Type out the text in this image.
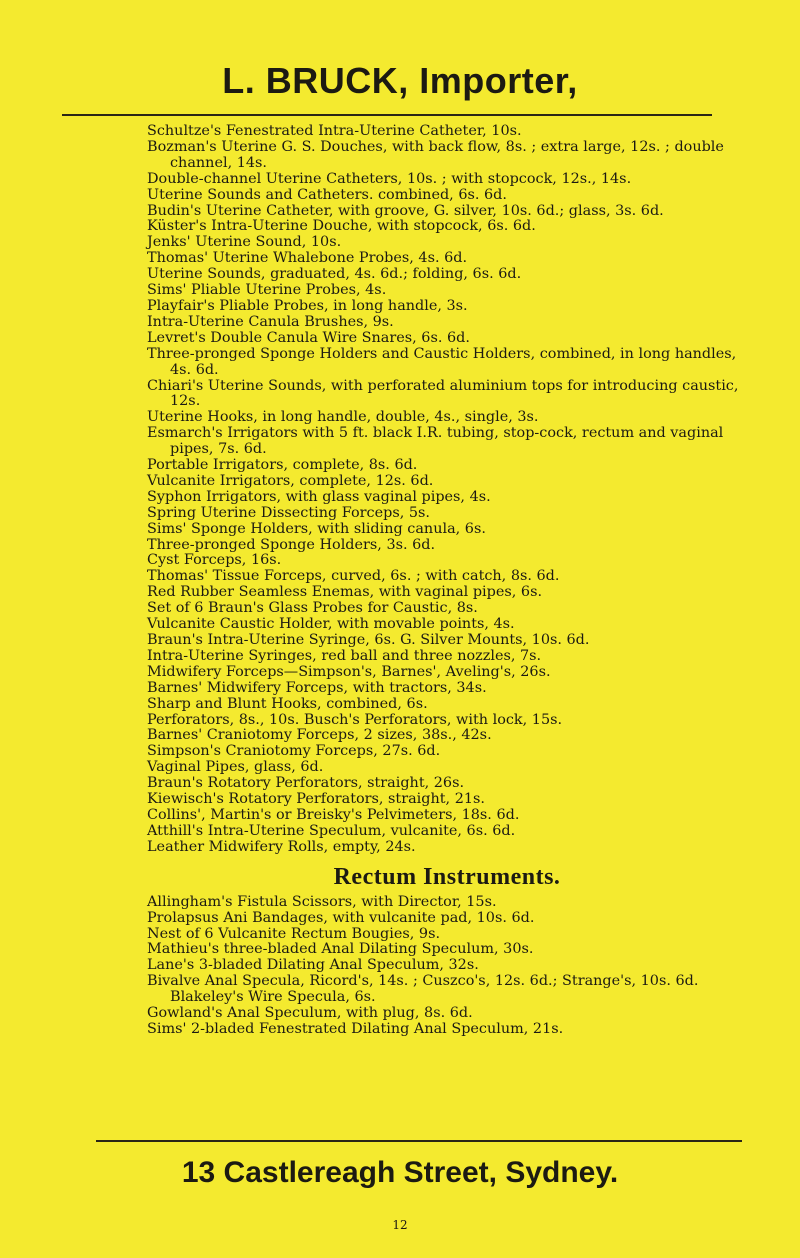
L. BRUCK, Importer,
Schultze's Fenestrated Intra-Uterine Catheter, 10s.
Bozman's Uterine G. S. Douches, with back flow, 8s. ; extra large, 12s. ; double channel, 14s.
Double-channel Uterine Catheters, 10s. ; with stopcock, 12s., 14s.
Uterine Sounds and Catheters. combined, 6s. 6d.
Budin's Uterine Catheter, with groove, G. silver, 10s. 6d.; glass, 3s. 6d.
Küster's Intra-Uterine Douche, with stopcock, 6s. 6d.
Jenks' Uterine Sound, 10s.
Thomas' Uterine Whalebone Probes, 4s. 6d.
Uterine Sounds, graduated, 4s. 6d.; folding, 6s. 6d.
Sims' Pliable Uterine Probes, 4s.
Playfair's Pliable Probes, in long handle, 3s.
Intra-Uterine Canula Brushes, 9s.
Levret's Double Canula Wire Snares, 6s. 6d.
Three-pronged Sponge Holders and Caustic Holders, combined, in long handles, 4s. 6d.
Chiari's Uterine Sounds, with perforated aluminium tops for introducing caustic, 12s.
Uterine Hooks, in long handle, double, 4s., single, 3s.
Esmarch's Irrigators with 5 ft. black I.R. tubing, stop-cock, rectum and vaginal pipes, 7s. 6d.
Portable Irrigators, complete, 8s. 6d.
Vulcanite Irrigators, complete, 12s. 6d.
Syphon Irrigators, with glass vaginal pipes, 4s.
Spring Uterine Dissecting Forceps, 5s.
Sims' Sponge Holders, with sliding canula, 6s.
Three-pronged Sponge Holders, 3s. 6d.
Cyst Forceps, 16s.
Thomas' Tissue Forceps, curved, 6s. ; with catch, 8s. 6d.
Red Rubber Seamless Enemas, with vaginal pipes, 6s.
Set of 6 Braun's Glass Probes for Caustic, 8s.
Vulcanite Caustic Holder, with movable points, 4s.
Braun's Intra-Uterine Syringe, 6s. G. Silver Mounts, 10s. 6d.
Intra-Uterine Syringes, red ball and three nozzles, 7s.
Midwifery Forceps—Simpson's, Barnes', Aveling's, 26s.
Barnes' Midwifery Forceps, with tractors, 34s.
Sharp and Blunt Hooks, combined, 6s.
Perforators, 8s., 10s. Busch's Perforators, with lock, 15s.
Barnes' Craniotomy Forceps, 2 sizes, 38s., 42s.
Simpson's Craniotomy Forceps, 27s. 6d.
Vaginal Pipes, glass, 6d.
Braun's Rotatory Perforators, straight, 26s.
Kiewisch's Rotatory Perforators, straight, 21s.
Collins', Martin's or Breisky's Pelvimeters, 18s. 6d.
Atthill's Intra-Uterine Speculum, vulcanite, 6s. 6d.
Leather Midwifery Rolls, empty, 24s.
Rectum Instruments.
Allingham's Fistula Scissors, with Director, 15s.
Prolapsus Ani Bandages, with vulcanite pad, 10s. 6d.
Nest of 6 Vulcanite Rectum Bougies, 9s.
Mathieu's three-bladed Anal Dilating Speculum, 30s.
Lane's 3-bladed Dilating Anal Speculum, 32s.
Bivalve Anal Specula, Ricord's, 14s. ; Cuszco's, 12s. 6d.; Strange's, 10s. 6d. Blakeley's Wire Specula, 6s.
Gowland's Anal Speculum, with plug, 8s. 6d.
Sims' 2-bladed Fenestrated Dilating Anal Speculum, 21s.
13 Castlereagh Street, Sydney.
12
